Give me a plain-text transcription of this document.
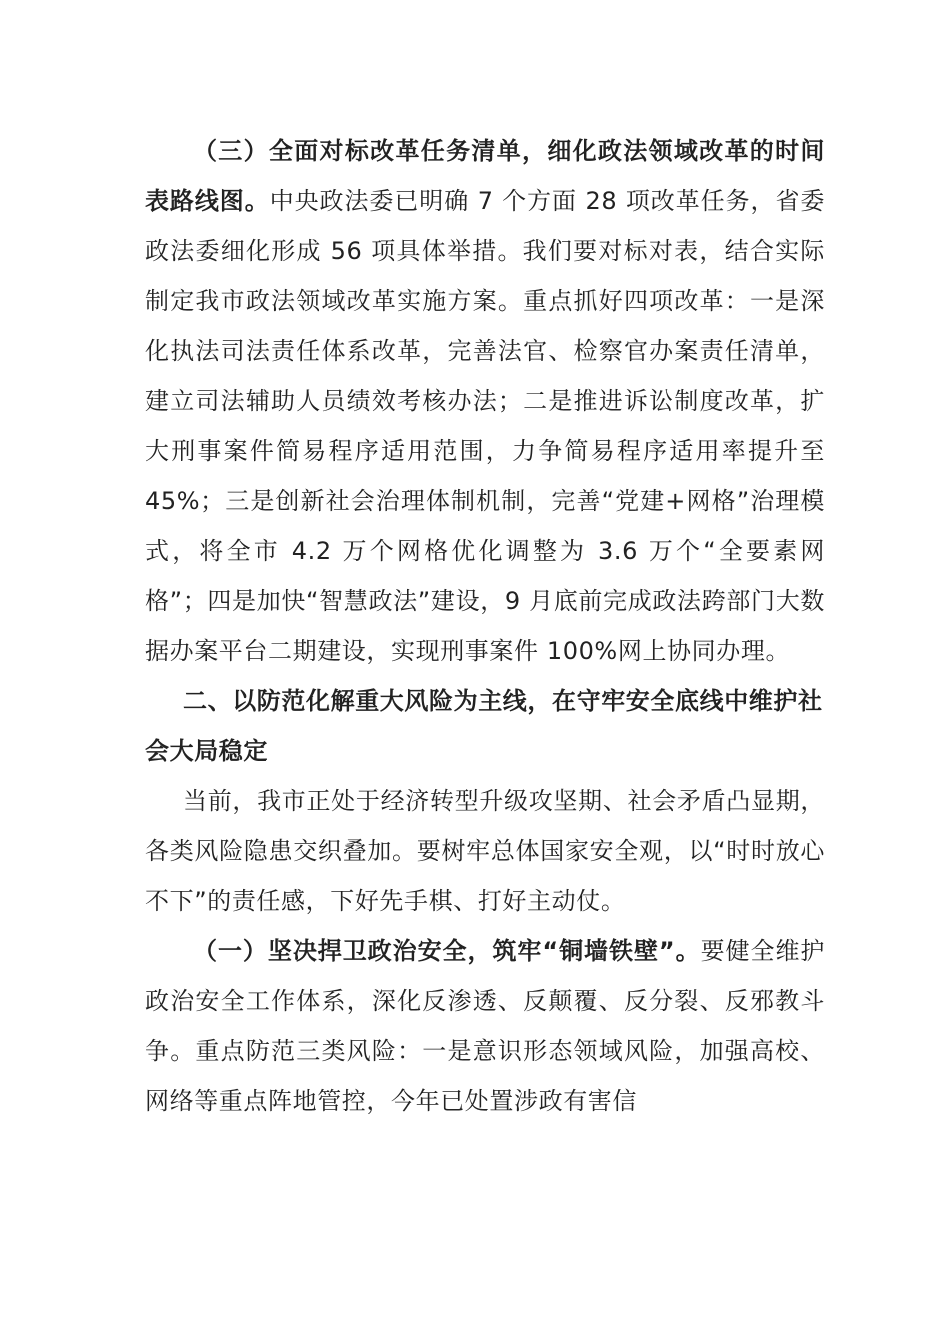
（三）全面对标改革任务清单，细化政法领域改革的时间表路线图。中央政法委已明确 7 个方面 28 项改革任务，省委政法委细化形成 56 项具体举措。我们要对标对表，结合实际制定我市政法领域改革实施方案。重点抓好四项改革：一是深化执法司法责任体系改革，完善法官、检察官办案责任清单，建立司法辅助人员绩效考核办法；二是推进诉讼制度改革，扩大刑事案件简易程序适用范围，力争简易程序适用率提升至 45%；三是创新社会治理体制机制，完善“党建+网格”治理模式，将全市 4.2 万个网格优化调整为 3.6 万个“全要素网格”；四是加快“智慧政法”建设，9 月底前完成政法跨部门大数据办案平台二期建设，实现刑事案件 100%网上协同办理。

二、以防范化解重大风险为主线，在守牢安全底线中维护社会大局稳定

当前，我市正处于经济转型升级攻坚期、社会矛盾凸显期，各类风险隐患交织叠加。要树牢总体国家安全观，以“时时放心不下”的责任感，下好先手棋、打好主动仗。

（一）坚决捍卫政治安全，筑牢“铜墙铁壁”。要健全维护政治安全工作体系，深化反渗透、反颠覆、反分裂、反邪教斗争。重点防范三类风险：一是意识形态领域风险，加强高校、网络等重点阵地管控，今年已处置涉政有害信
